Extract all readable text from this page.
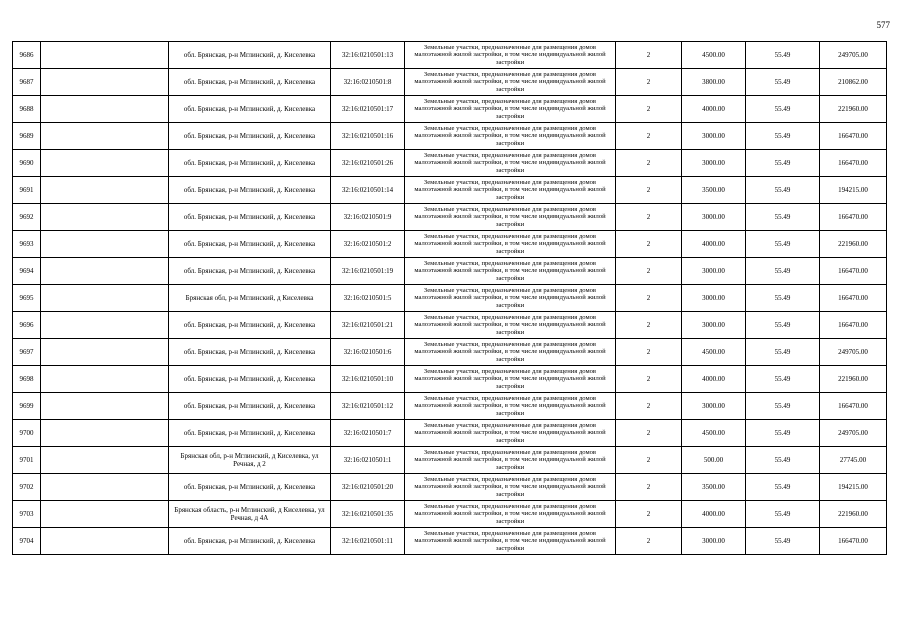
577
9686		обл. Брянская, р-н Мглинский, д. Киселевка	32:16:0210501:13	Земельные участки, предназначенные для размещения домов малоэтажной жилой застройки, в том числе индивидуальной жилой застройки	2	4500.00	55.49	249705.00
9687		обл. Брянская, р-н Мглинский, д. Киселевка	32:16:0210501:8	Земельные участки, предназначенные для размещения домов малоэтажной жилой застройки, в том числе индивидуальной жилой застройки	2	3800.00	55.49	210862.00
9688		обл. Брянская, р-н Мглинский, д. Киселевка	32:16:0210501:17	Земельные участки, предназначенные для размещения домов малоэтажной жилой застройки, в том числе индивидуальной жилой застройки	2	4000.00	55.49	221960.00
9689		обл. Брянская, р-н Мглинский, д. Киселевка	32:16:0210501:16	Земельные участки, предназначенные для размещения домов малоэтажной жилой застройки, в том числе индивидуальной жилой застройки	2	3000.00	55.49	166470.00
9690		обл. Брянская, р-н Мглинский, д. Киселевка	32:16:0210501:26	Земельные участки, предназначенные для размещения домов малоэтажной жилой застройки, в том числе индивидуальной жилой застройки	2	3000.00	55.49	166470.00
9691		обл. Брянская, р-н Мглинский, д. Киселевка	32:16:0210501:14	Земельные участки, предназначенные для размещения домов малоэтажной жилой застройки, в том числе индивидуальной жилой застройки	2	3500.00	55.49	194215.00
9692		обл. Брянская, р-н Мглинский, д. Киселевка	32:16:0210501:9	Земельные участки, предназначенные для размещения домов малоэтажной жилой застройки, в том числе индивидуальной жилой застройки	2	3000.00	55.49	166470.00
9693		обл. Брянская, р-н Мглинский, д. Киселевка	32:16:0210501:2	Земельные участки, предназначенные для размещения домов малоэтажной жилой застройки, в том числе индивидуальной жилой застройки	2	4000.00	55.49	221960.00
9694		обл. Брянская, р-н Мглинский, д. Киселевка	32:16:0210501:19	Земельные участки, предназначенные для размещения домов малоэтажной жилой застройки, в том числе индивидуальной жилой застройки	2	3000.00	55.49	166470.00
9695		Брянская обл, р-н Мглинский, д Киселевка	32:16:0210501:5	Земельные участки, предназначенные для размещения домов малоэтажной жилой застройки, в том числе индивидуальной жилой застройки	2	3000.00	55.49	166470.00
9696		обл. Брянская, р-н Мглинский, д. Киселевка	32:16:0210501:21	Земельные участки, предназначенные для размещения домов малоэтажной жилой застройки, в том числе индивидуальной жилой застройки	2	3000.00	55.49	166470.00
9697		обл. Брянская, р-н Мглинский, д. Киселевка	32:16:0210501:6	Земельные участки, предназначенные для размещения домов малоэтажной жилой застройки, в том числе индивидуальной жилой застройки	2	4500.00	55.49	249705.00
9698		обл. Брянская, р-н Мглинский, д. Киселевка	32:16:0210501:10	Земельные участки, предназначенные для размещения домов малоэтажной жилой застройки, в том числе индивидуальной жилой застройки	2	4000.00	55.49	221960.00
9699		обл. Брянская, р-н Мглинский, д. Киселевка	32:16:0210501:12	Земельные участки, предназначенные для размещения домов малоэтажной жилой застройки, в том числе индивидуальной жилой застройки	2	3000.00	55.49	166470.00
9700		обл. Брянская, р-н Мглинский, д. Киселевка	32:16:0210501:7	Земельные участки, предназначенные для размещения домов малоэтажной жилой застройки, в том числе индивидуальной жилой застройки	2	4500.00	55.49	249705.00
9701		Брянская обл, р-н Мглинский, д Киселевка, ул Речная, д 2	32:16:0210501:1	Земельные участки, предназначенные для размещения домов малоэтажной жилой застройки, в том числе индивидуальной жилой застройки	2	500.00	55.49	27745.00
9702		обл. Брянская, р-н Мглинский, д. Киселевка	32:16:0210501:20	Земельные участки, предназначенные для размещения домов малоэтажной жилой застройки, в том числе индивидуальной жилой застройки	2	3500.00	55.49	194215.00
9703		Брянская область, р-н Мглинский, д Киселевка, ул Речная, д 4А	32:16:0210501:35	Земельные участки, предназначенные для размещения домов малоэтажной жилой застройки, в том числе индивидуальной жилой застройки	2	4000.00	55.49	221960.00
9704		обл. Брянская, р-н Мглинский, д. Киселевка	32:16:0210501:11	Земельные участки, предназначенные для размещения домов малоэтажной жилой застройки, в том числе индивидуальной жилой застройки	2	3000.00	55.49	166470.00
